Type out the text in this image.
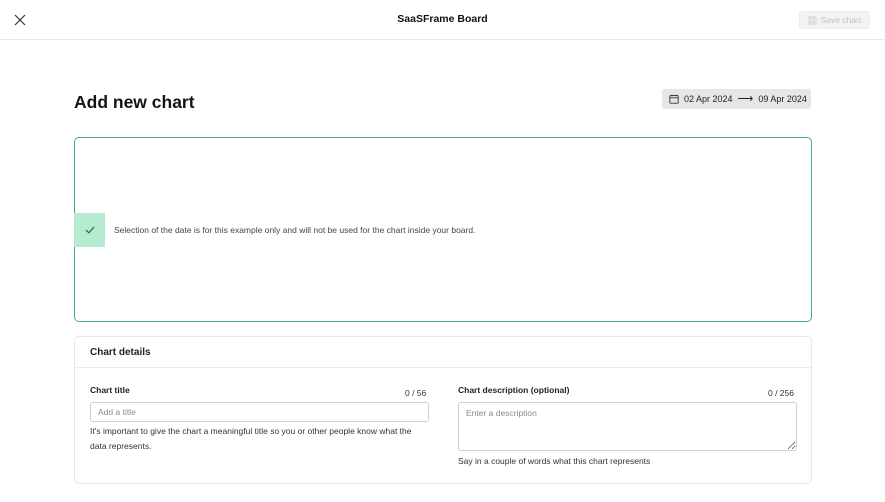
SaaSFrame Board	Save chart
Add new chart	02 Apr 2024 ⟶ 09 Apr 2024
Selection of the date is for this example only and will not be used for the chart inside your board.
Chart details
Chart title	0 / 56
Add a title
It's important to give the chart a meaningful title so you or other people know what the data represents.
Chart description (optional)	0 / 256
Enter a description
Say in a couple of words what this chart represents
